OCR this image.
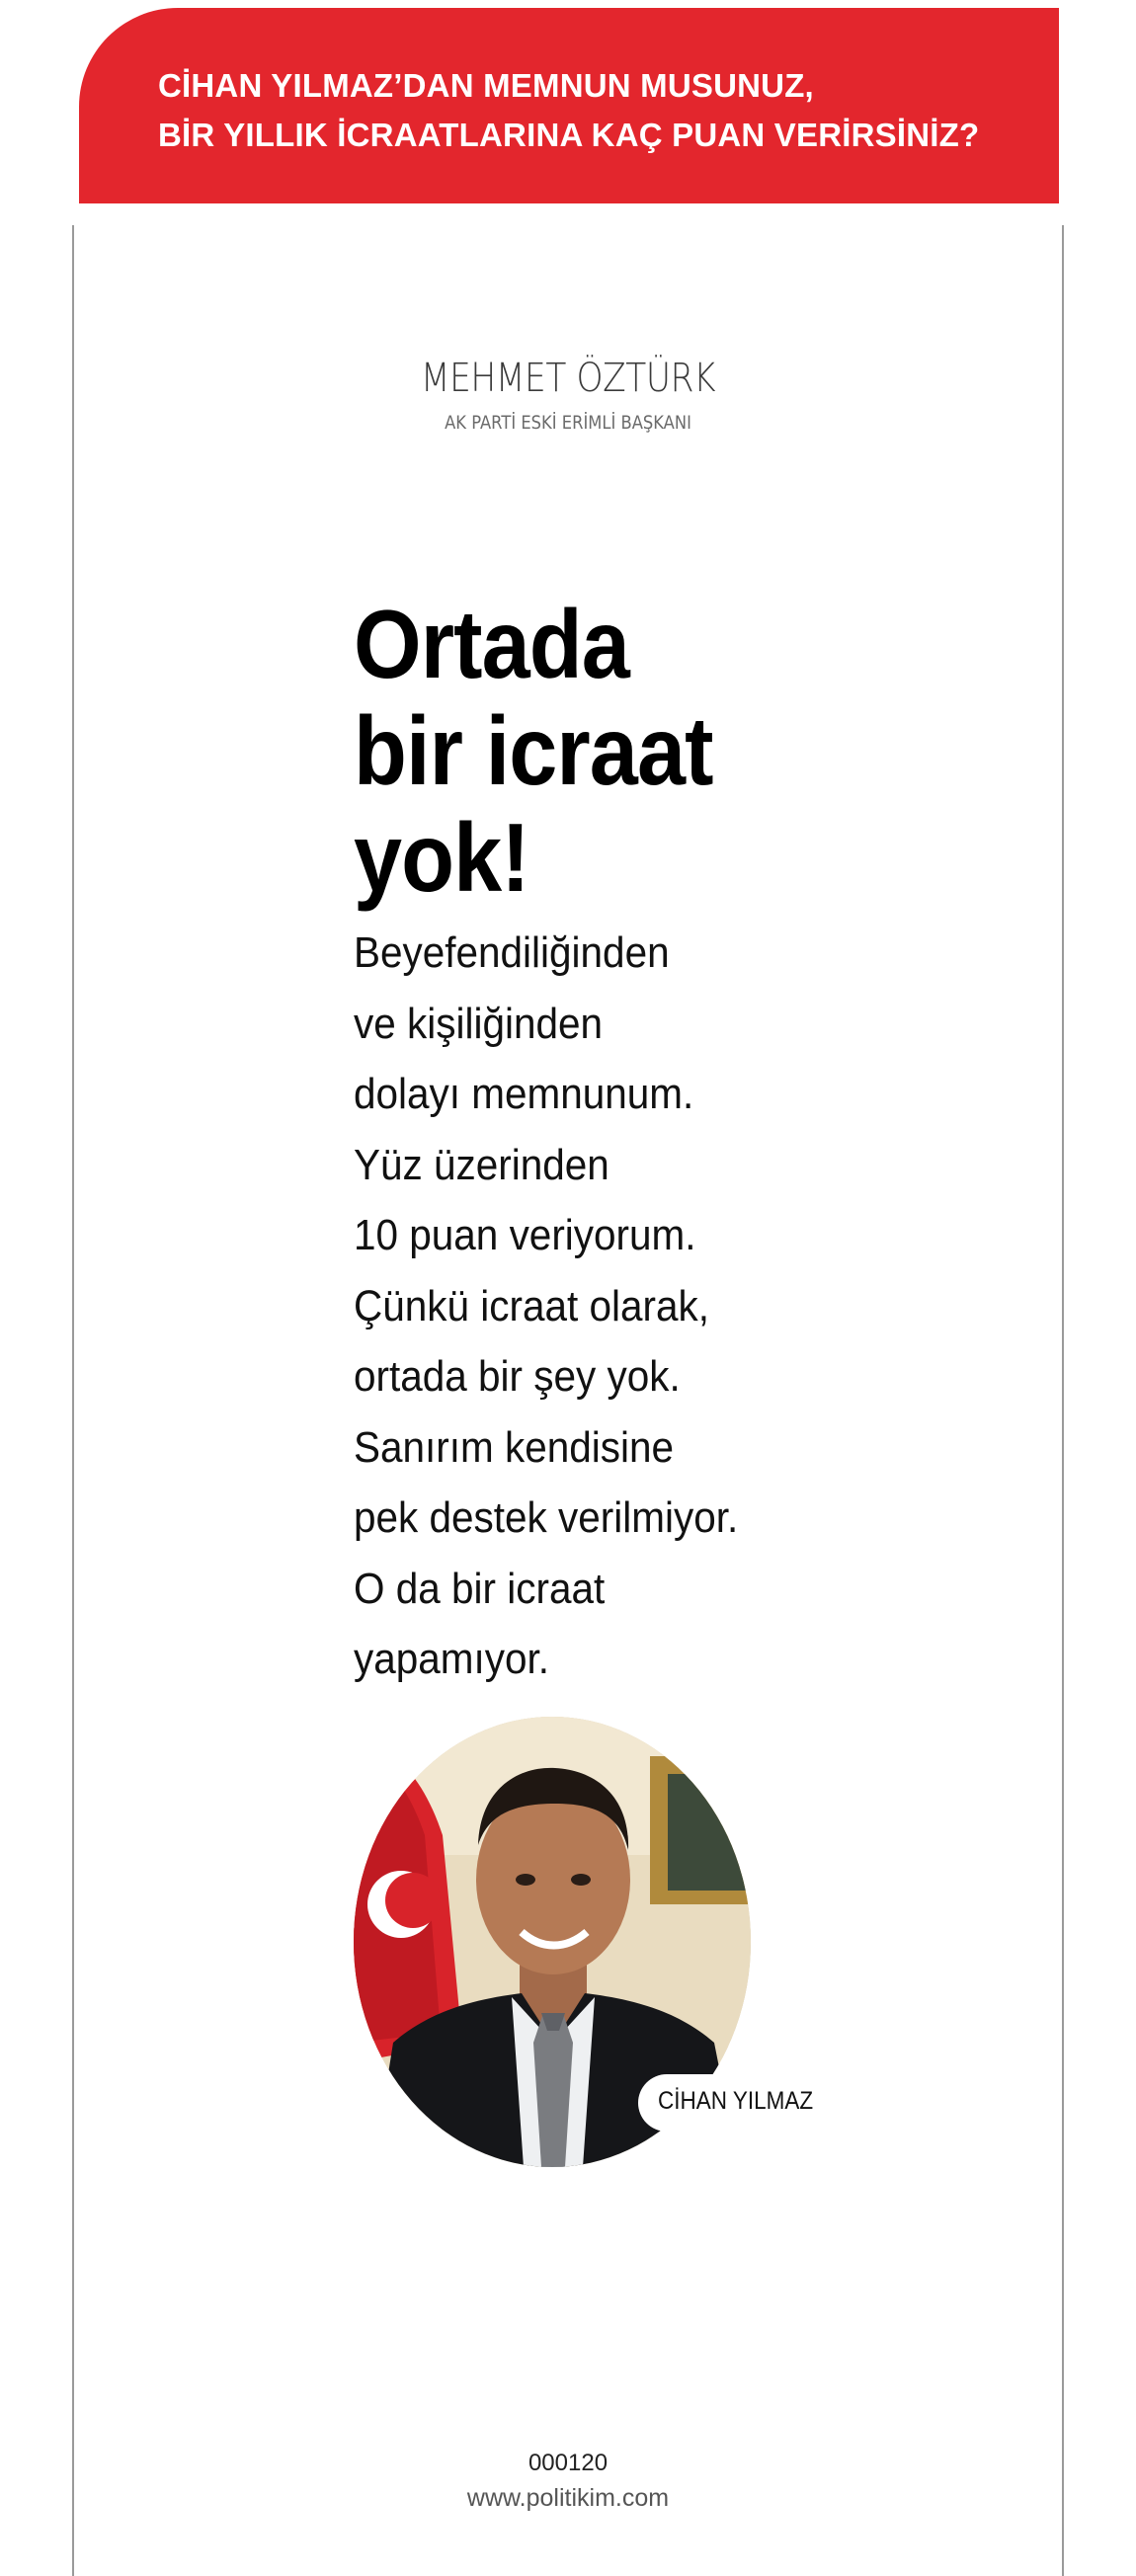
CİHAN YILMAZ’DAN MEMNUN MUSUNUZ,
BİR YILLIK İCRAATLARINA KAÇ PUAN VERİRSİNİZ?
MEHMET ÖZTÜRK
AK PARTİ ESKİ ERİMLİ BAŞKANI
Ortada
bir icraat
yok!
Beyefendiliğinden
ve kişiliğinden
dolayı memnunum.
Yüz üzerinden
10 puan veriyorum.
Çünkü icraat olarak,
ortada bir şey yok.
Sanırım kendisine
pek destek verilmiyor.
O da bir icraat
yapamıyor.
CİHAN YILMAZ
000120
www.politikim.com
